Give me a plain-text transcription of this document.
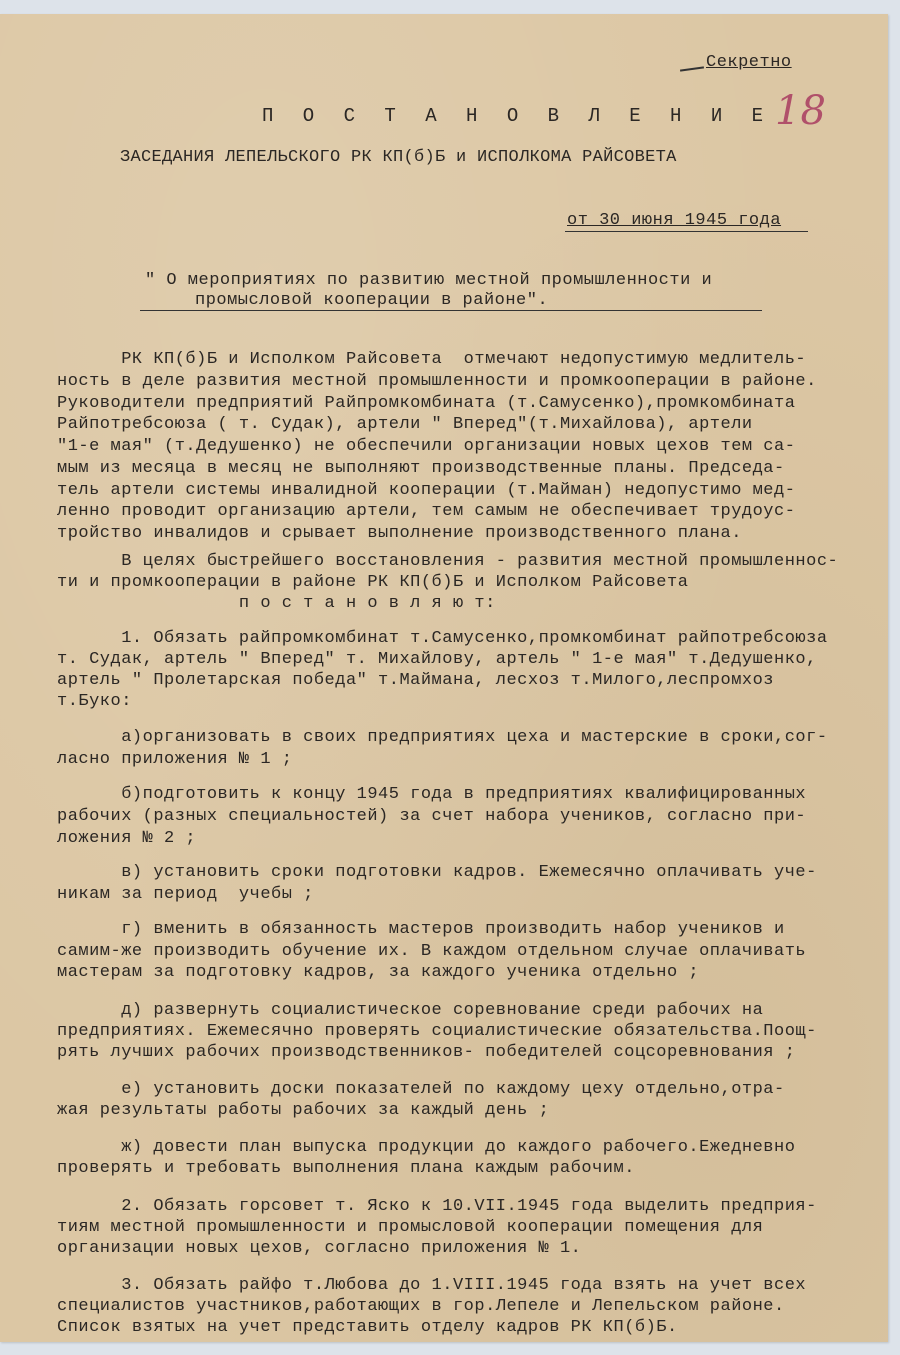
Секретно
18
П О С Т А Н О В Л Е Н И Е
ЗАСЕДАНИЯ ЛЕПЕЛЬСКОГО РК КП(б)Б и ИСПОЛКОМА РАЙСОВЕТА
от 30 июня 1945 года
" О мероприятиях по развитию местной промышленности и
промысловой кооперации в районе".
РК КП(б)Б и Исполком Райсовета  отмечают недопустимую медлитель-
ность в деле развития местной промышленности и промкооперации в районе.
Руководители предприятий Райпромкомбината (т.Самусенко),промкомбината
Райпотребсоюза ( т. Судак), артели " Вперед"(т.Михайлова), артели
"1-е мая" (т.Дедушенко) не обеспечили организации новых цехов тем са-
мым из месяца в месяц не выполняют производственные планы. Председа-
тель артели системы инвалидной кооперации (т.Майман) недопустимо мед-
ленно проводит организацию артели, тем самым не обеспечивает трудоус-
тройство инвалидов и срывает выполнение производственного плана.
В целях быстрейшего восстановления - развития местной промышленнос-
ти и промкооперации в районе РК КП(б)Б и Исполком Райсовета
п о с т а н о в л я ю т:
1. Обязать райпромкомбинат т.Самусенко,промкомбинат райпотребсоюза
т. Судак, артель " Вперед" т. Михайлову, артель " 1-е мая" т.Дедушенко,
артель " Пролетарская победа" т.Маймана, лесхоз т.Милого,леспромхоз
т.Буко:
а)организовать в своих предприятиях цеха и мастерские в сроки,сог-
ласно приложения № 1 ;
б)подготовить к концу 1945 года в предприятиях квалифицированных
рабочих (разных специальностей) за счет набора учеников, согласно при-
ложения № 2 ;
в) установить сроки подготовки кадров. Ежемесячно оплачивать уче-
никам за период  учебы ;
г) вменить в обязанность мастеров производить набор учеников и
самим-же производить обучение их. В каждом отдельном случае оплачивать
мастерам за подготовку кадров, за каждого ученика отдельно ;
д) развернуть социалистическое соревнование среди рабочих на
предприятиях. Ежемесячно проверять социалистические обязательства.Поощ-
рять лучших рабочих производственников- победителей соцсоревнования ;
е) установить доски показателей по каждому цеху отдельно,отра-
жая результаты работы рабочих за каждый день ;
ж) довести план выпуска продукции до каждого рабочего.Ежедневно
проверять и требовать выполнения плана каждым рабочим.
2. Обязать горсовет т. Яско к 10.VII.1945 года выделить предприя-
тиям местной промышленности и промысловой кооперации помещения для
организации новых цехов, согласно приложения № 1.
3. Обязать райфо т.Любова до 1.VIII.1945 года взять на учет всех
специалистов участников,работающих в гор.Лепеле и Лепельском районе.
Список взятых на учет представить отделу кадров РК КП(б)Б.
